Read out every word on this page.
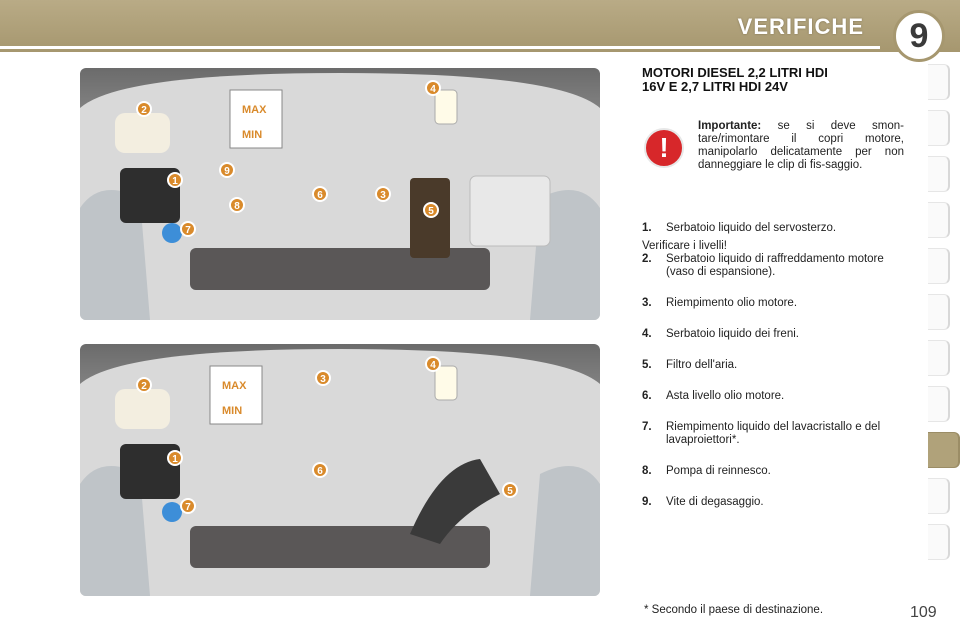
VERIFICHE	9
MAX
MIN
1
2
3
4
5
6
7
8
9
MAX
MIN
1
2
3
4
5
6
7
MOTORI DIESEL 2,2 LITRI HDI
16V E 2,7 LITRI HDI 24V
!
Importante: se si deve smon-tare/rimontare il copri motore, manipolarlo delicatamente per non danneggiare le clip di fis-saggio.
Verificare i livelli!
1. Serbatoio liquido del servosterzo.
2. Serbatoio liquido di raffreddamento motore (vaso di espansione).
3. Riempimento olio motore.
4. Serbatoio liquido dei freni.
5. Filtro dell'aria.
6. Asta livello olio motore.
7. Riempimento liquido del lavacristallo e del lavaproiettori*.
8. Pompa di reinnesco.
9. Vite di degasaggio.
* Secondo il paese di destinazione.	109
